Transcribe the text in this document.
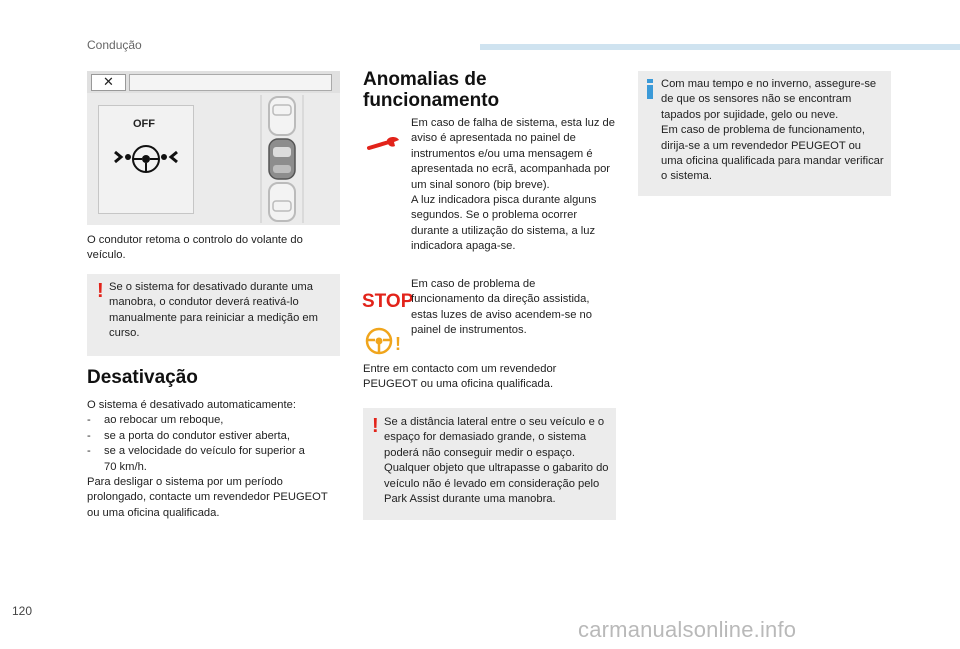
Condução
✕
OFF
O condutor retoma o controlo do volante do veículo.
! Se o sistema for desativado durante uma manobra, o condutor deverá reativá-lo manualmente para reiniciar a medição em curso.
Desativação

O sistema é desativado automaticamente:

- ao rebocar um reboque,
- se a porta do condutor estiver aberta,
- se a velocidade do veículo for superior a 70 km/h.

Para desligar o sistema por um período prolongado, contacte um revendedor PEUGEOT ou uma oficina qualificada.

Anomalias de
funcionamento

Em caso de falha de sistema, esta luz de aviso é apresentada no painel de instrumentos e/ou uma mensagem é apresentada no ecrã, acompanhada por um sinal sonoro (bip breve).

A luz indicadora pisca durante alguns segundos. Se o problema ocorrer durante a utilização do sistema, a luz indicadora apaga-se.

STOP
!
Em caso de problema de funcionamento da direção assistida, estas luzes de aviso acendem-se no painel de instrumentos.
Entre em contacto com um revendedor PEUGEOT ou uma oficina qualificada.
! Se a distância lateral entre o seu veículo e o espaço for demasiado grande, o sistema poderá não conseguir medir o espaço. Qualquer objeto que ultrapasse o gabarito do veículo não é levado em consideração pelo Park Assist durante uma manobra.

Com mau tempo e no inverno, assegure-se de que os sensores não se encontram tapados por sujidade, gelo ou neve.

Em caso de problema de funcionamento, dirija-se a um revendedor PEUGEOT ou uma oficina qualificada para mandar verificar o sistema.

120
carmanualsonline.info
